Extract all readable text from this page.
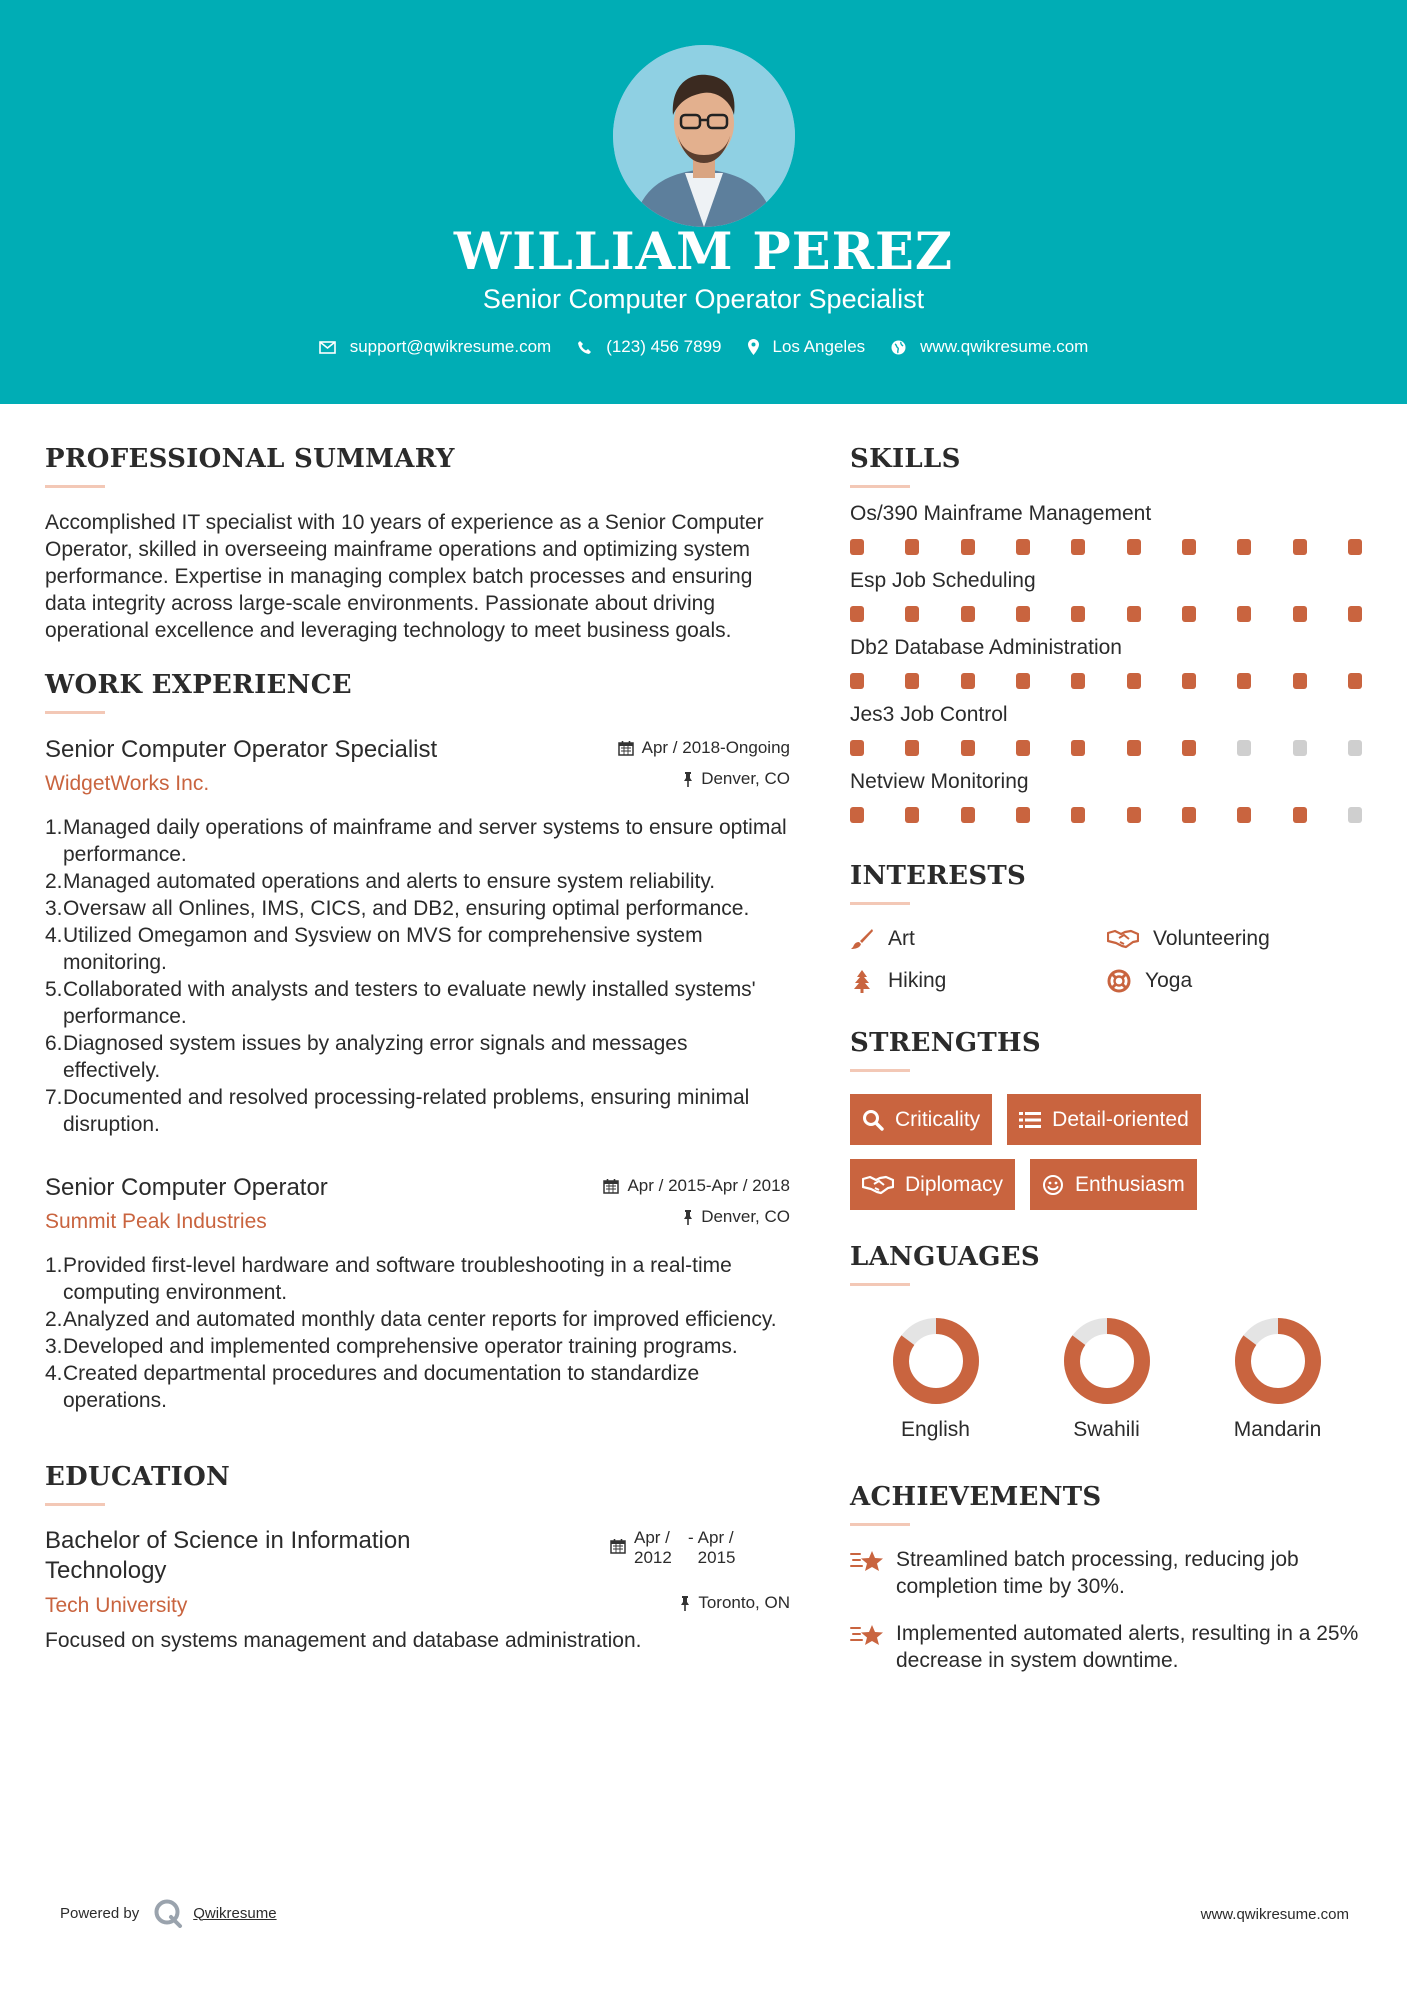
WILLIAM PEREZ
Senior Computer Operator Specialist
support@qwikresume.com	(123) 456 7899	Los Angeles	www.qwikresume.com
PROFESSIONAL SUMMARY
Accomplished IT specialist with 10 years of experience as a Senior Computer Operator, skilled in overseeing mainframe operations and optimizing system performance. Expertise in managing complex batch processes and ensuring data integrity across large-scale environments. Passionate about driving operational excellence and leveraging technology to meet business goals.
WORK EXPERIENCE
Apr / 2018-Ongoing
Denver, CO
Senior Computer Operator Specialist
WidgetWorks Inc.
1. Managed daily operations of mainframe and server systems to ensure optimal performance.
2. Managed automated operations and alerts to ensure system reliability.
3. Oversaw all Onlines, IMS, CICS, and DB2, ensuring optimal performance.
4. Utilized Omegamon and Sysview on MVS for comprehensive system monitoring.
5. Collaborated with analysts and testers to evaluate newly installed systems' performance.
6. Diagnosed system issues by analyzing error signals and messages effectively.
7. Documented and resolved processing-related problems, ensuring minimal disruption.
Apr / 2015-Apr / 2018
Denver, CO
Senior Computer Operator
Summit Peak Industries
1. Provided first-level hardware and software troubleshooting in a real-time computing environment.
2. Analyzed and automated monthly data center reports for improved efficiency.
3. Developed and implemented comprehensive operator training programs.
4. Created departmental procedures and documentation to standardize operations.
EDUCATION
Apr / 2012
- Apr / 2015
Toronto, ON
Bachelor of Science in Information Technology
Tech University
Focused on systems management and database administration.
SKILLS
Os/390 Mainframe Management
Esp Job Scheduling
Db2 Database Administration
Jes3 Job Control
Netview Monitoring
INTERESTS
Art	Volunteering
Hiking	Yoga
STRENGTHS
Criticality	Detail-oriented
Diplomacy	Enthusiasm
LANGUAGES
English	Swahili	Mandarin
ACHIEVEMENTS
Streamlined batch processing, reducing job completion time by 30%.
Implemented automated alerts, resulting in a 25% decrease in system downtime.
Powered by	Qwikresume	www.qwikresume.com
